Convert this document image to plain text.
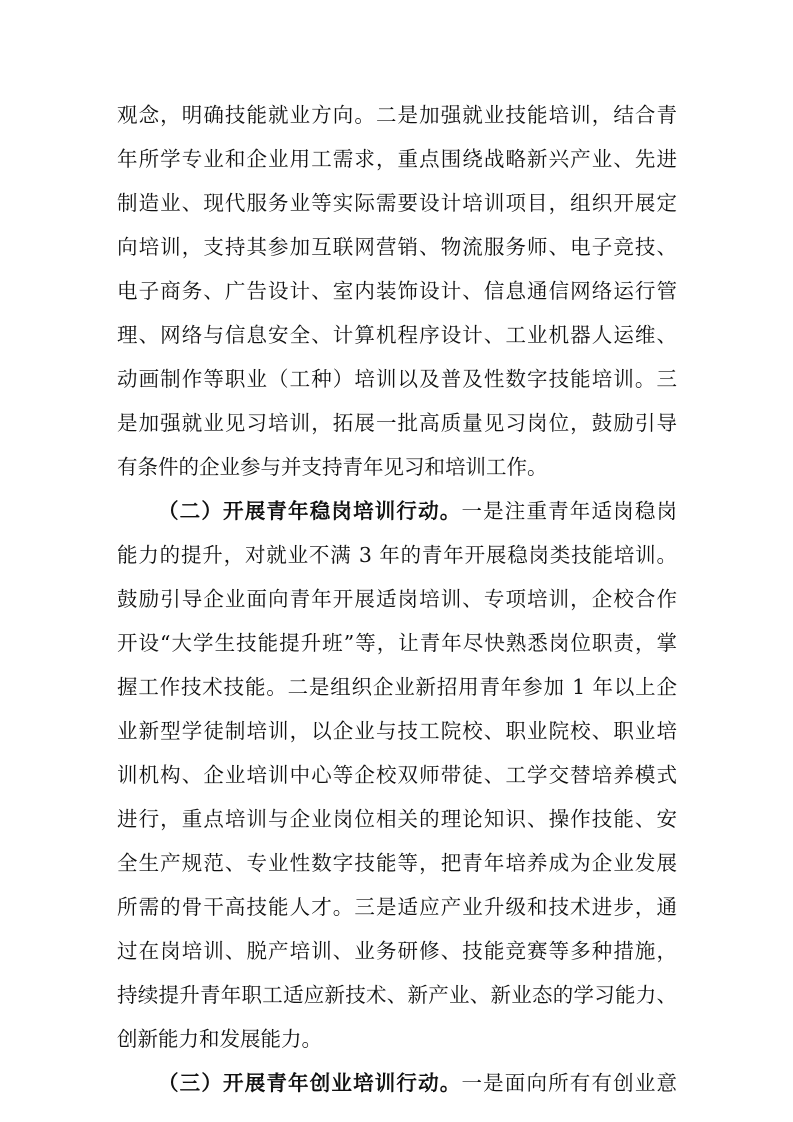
观念，明确技能就业方向。二是加强就业技能培训，结合青
年所学专业和企业用工需求，重点围绕战略新兴产业、先进
制造业、现代服务业等实际需要设计培训项目，组织开展定
向培训，支持其参加互联网营销、物流服务师、电子竞技、
电子商务、广告设计、室内装饰设计、信息通信网络运行管
理、网络与信息安全、计算机程序设计、工业机器人运维、
动画制作等职业（工种）培训以及普及性数字技能培训。三
是加强就业见习培训，拓展一批高质量见习岗位，鼓励引导
有条件的企业参与并支持青年见习和培训工作。
（二）开展青年稳岗培训行动。一是注重青年适岗稳岗
能力的提升，对就业不满 3 年的青年开展稳岗类技能培训。
鼓励引导企业面向青年开展适岗培训、专项培训，企校合作
开设“大学生技能提升班”等，让青年尽快熟悉岗位职责，掌
握工作技术技能。二是组织企业新招用青年参加 1 年以上企
业新型学徒制培训，以企业与技工院校、职业院校、职业培
训机构、企业培训中心等企校双师带徒、工学交替培养模式
进行，重点培训与企业岗位相关的理论知识、操作技能、安
全生产规范、专业性数字技能等，把青年培养成为企业发展
所需的骨干高技能人才。三是适应产业升级和技术进步，通
过在岗培训、脱产培训、业务研修、技能竞赛等多种措施，
持续提升青年职工适应新技术、新产业、新业态的学习能力、
创新能力和发展能力。
（三）开展青年创业培训行动。一是面向所有有创业意
